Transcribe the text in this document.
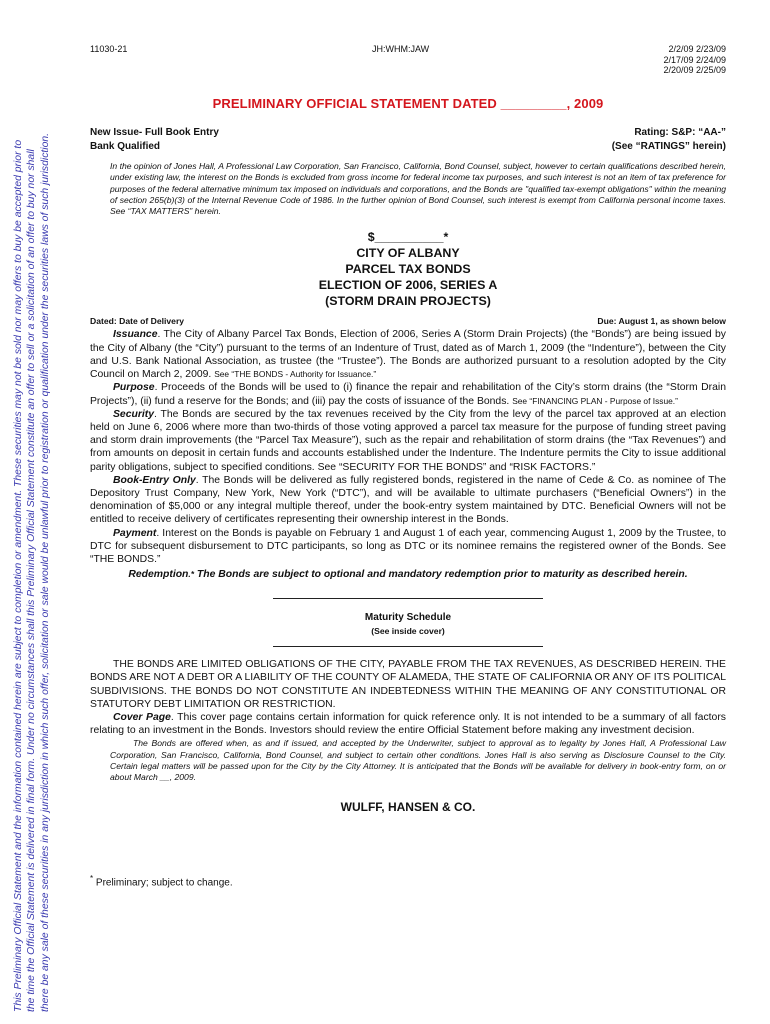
This Preliminary Official Statement and the information contained herein are subject to completion or amendment. These securities may not be sold nor may offers to buy be accepted prior to the time the Official Statement is delivered in final form. Under no circumstances shall this Preliminary Official Statement constitute an offer to sell or a solicitation of an offer to buy nor shall there be any sale of these securities in any jurisdiction in which such offer, solicitation or sale would be unlawful prior to registration or qualification under the securities laws of such jurisdiction.
11030-21	JH:WHM:JAW	2/2/09 2/23/09
2/17/09 2/24/09
2/20/09 2/25/09
PRELIMINARY OFFICIAL STATEMENT DATED _________, 2009
New Issue- Full Book Entry
Bank Qualified
Rating: S&P: “AA-”
(See “RATINGS” herein)
In the opinion of Jones Hall, A Professional Law Corporation, San Francisco, California, Bond Counsel, subject, however to certain qualifications described herein, under existing law, the interest on the Bonds is excluded from gross income for federal income tax purposes, and such interest is not an item of tax preference for purposes of the federal alternative minimum tax imposed on individuals and corporations, and the Bonds are "qualified tax-exempt obligations" within the meaning of section 265(b)(3) of the Internal Revenue Code of 1986. In the further opinion of Bond Counsel, such interest is exempt from California personal income taxes. See “TAX MATTERS” herein.
$__________*
CITY OF ALBANY
PARCEL TAX BONDS
ELECTION OF 2006, SERIES A
(STORM DRAIN PROJECTS)
Dated: Date of Delivery	Due: August 1, as shown below

Issuance. The City of Albany Parcel Tax Bonds, Election of 2006, Series A (Storm Drain Projects) (the “Bonds”) are being issued by the City of Albany (the “City”) pursuant to the terms of an Indenture of Trust, dated as of March 1, 2009 (the “Indenture”), between the City and U.S. Bank National Association, as trustee (the “Trustee”). The Bonds are authorized pursuant to a resolution adopted by the City Council on March 2, 2009. See “THE BONDS - Authority for Issuance.”

Purpose. Proceeds of the Bonds will be used to (i) finance the repair and rehabilitation of the City’s storm drains (the “Storm Drain Projects”), (ii) fund a reserve for the Bonds; and (iii) pay the costs of issuance of the Bonds. See “FINANCING PLAN - Purpose of Issue.”

Security. The Bonds are secured by the tax revenues received by the City from the levy of the parcel tax approved at an election held on June 6, 2006 where more than two-thirds of those voting approved a parcel tax measure for the purpose of funding street paving and storm drain improvements (the “Parcel Tax Measure”), such as the repair and rehabilitation of storm drains (the “Tax Revenues”) and from amounts on deposit in certain funds and accounts established under the Indenture. The Indenture permits the City to issue additional parity obligations, subject to specified conditions. See “SECURITY FOR THE BONDS” and “RISK FACTORS.”

Book-Entry Only. The Bonds will be delivered as fully registered bonds, registered in the name of Cede & Co. as nominee of The Depository Trust Company, New York, New York (“DTC”), and will be available to ultimate purchasers (“Beneficial Owners”) in the denomination of $5,000 or any integral multiple thereof, under the book-entry system maintained by DTC. Beneficial Owners will not be entitled to receive delivery of certificates representing their ownership interest in the Bonds.

Payment. Interest on the Bonds is payable on February 1 and August 1 of each year, commencing August 1, 2009 by the Trustee, to DTC for subsequent disbursement to DTC participants, so long as DTC or its nominee remains the registered owner of the Bonds. See “THE BONDS.”

Redemption.* The Bonds are subject to optional and mandatory redemption prior to maturity as described herein.

Maturity Schedule
(See inside cover)

THE BONDS ARE LIMITED OBLIGATIONS OF THE CITY, PAYABLE FROM THE TAX REVENUES, AS DESCRIBED HEREIN. THE BONDS ARE NOT A DEBT OR A LIABILITY OF THE COUNTY OF ALAMEDA, THE STATE OF CALIFORNIA OR ANY OF ITS POLITICAL SUBDIVISIONS. THE BONDS DO NOT CONSTITUTE AN INDEBTEDNESS WITHIN THE MEANING OF ANY CONSTITUTIONAL OR STATUTORY DEBT LIMITATION OR RESTRICTION.

Cover Page. This cover page contains certain information for quick reference only. It is not intended to be a summary of all factors relating to an investment in the Bonds. Investors should review the entire Official Statement before making any investment decision.

The Bonds are offered when, as and if issued, and accepted by the Underwriter, subject to approval as to legality by Jones Hall, A Professional Law Corporation, San Francisco, California, Bond Counsel, and subject to certain other conditions. Jones Hall is also serving as Disclosure Counsel to the City. Certain legal matters will be passed upon for the City by the City Attorney. It is anticipated that the Bonds will be available for delivery in book-entry form, on or about March __, 2009.
WULFF, HANSEN & CO.
* Preliminary; subject to change.
